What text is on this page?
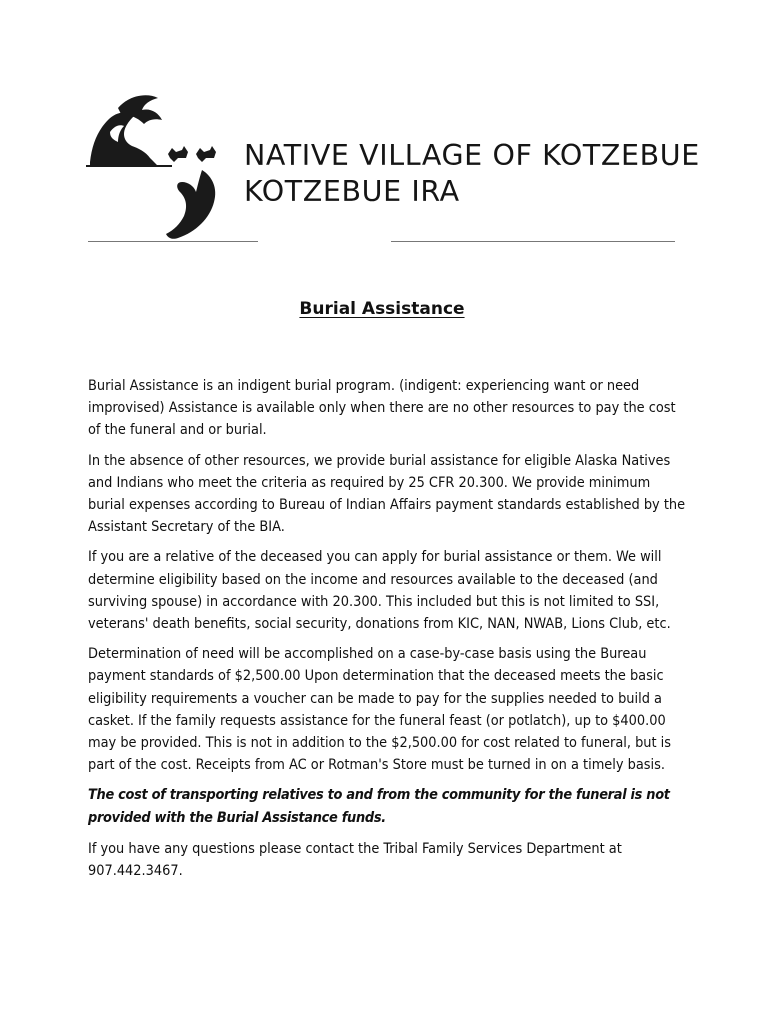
NATIVE VILLAGE OF KOTZEBUE
KOTZEBUE IRA
Burial Assistance

Burial Assistance is an indigent burial program. (indigent: experiencing want or need improvised) Assistance is available only when there are no other resources to pay the cost of the funeral and or burial.

In the absence of other resources, we provide burial assistance for eligible Alaska Natives and Indians who meet the criteria as required by 25 CFR 20.300. We provide minimum burial expenses according to Bureau of Indian Affairs payment standards established by the Assistant Secretary of the BIA.

If you are a relative of the deceased you can apply for burial assistance or them. We will determine eligibility based on the income and resources available to the deceased (and surviving spouse) in accordance with 20.300. This included but this is not limited to SSI, veterans' death benefits, social security, donations from KIC, NAN, NWAB, Lions Club, etc.

Determination of need will be accomplished on a case-by-case basis using the Bureau payment standards of $2,500.00 Upon determination that the deceased meets the basic eligibility requirements a voucher can be made to pay for the supplies needed to build a casket. If the family requests assistance for the funeral feast (or potlatch), up to $400.00 may be provided. This is not in addition to the $2,500.00 for cost related to funeral, but is part of the cost. Receipts from AC or Rotman's Store must be turned in on a timely basis.

The cost of transporting relatives to and from the community for the funeral is not provided with the Burial Assistance funds.

If you have any questions please contact the Tribal Family Services Department at 907.442.3467.
